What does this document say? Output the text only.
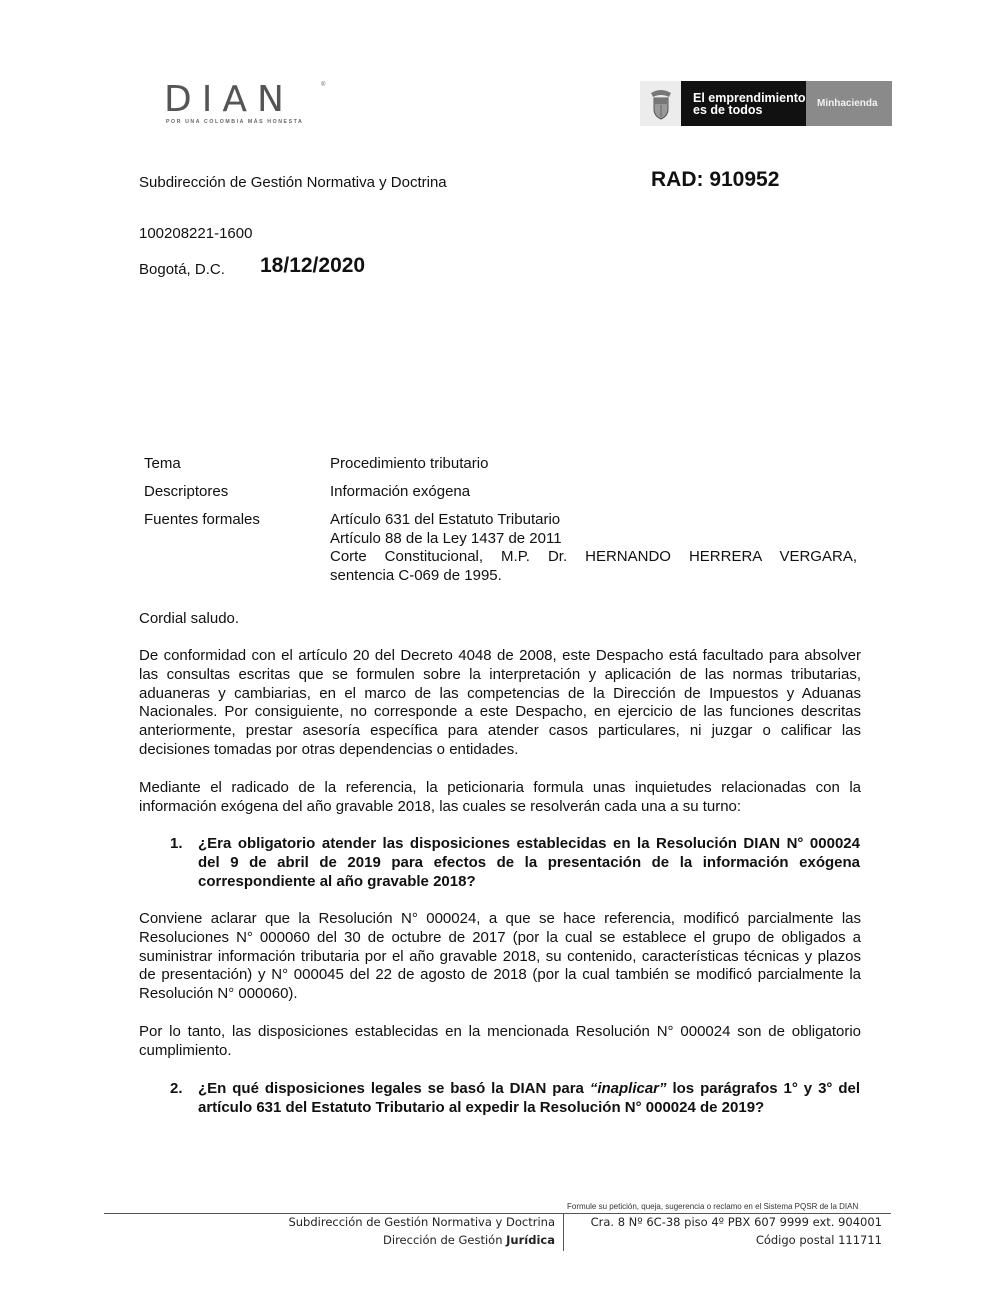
DIAN	®
POR UNA COLOMBIA MÁS HONESTA
El emprendimiento
es de todos	Minhacienda
Subdirección de Gestión Normativa y Doctrina	RAD: 910952
100208221-1600
Bogotá, D.C. 18/12/2020
Tema	Procedimiento tributario
Descriptores	Información exógena
Fuentes formales	Artículo 631 del Estatuto Tributario
Artículo 88 de la Ley 1437 de 2011
Corte Constitucional, M.P. Dr. HERNANDO HERRERA VERGARA,
sentencia C-069 de 1995.
Cordial saludo.
De conformidad con el artículo 20 del Decreto 4048 de 2008, este Despacho está facultado para absolver las consultas escritas que se formulen sobre la interpretación y aplicación de las normas tributarias, aduaneras y cambiarias, en el marco de las competencias de la Dirección de Impuestos y Aduanas Nacionales. Por consiguiente, no corresponde a este Despacho, en ejercicio de las funciones descritas anteriormente, prestar asesoría específica para atender casos particulares, ni juzgar o calificar las decisiones tomadas por otras dependencias o entidades.
Mediante el radicado de la referencia, la peticionaria formula unas inquietudes relacionadas con la información exógena del año gravable 2018, las cuales se resolverán cada una a su turno:
1. ¿Era obligatorio atender las disposiciones establecidas en la Resolución DIAN N° 000024 del 9 de abril de 2019 para efectos de la presentación de la información exógena correspondiente al año gravable 2018?
Conviene aclarar que la Resolución N° 000024, a que se hace referencia, modificó parcialmente las Resoluciones N° 000060 del 30 de octubre de 2017 (por la cual se establece el grupo de obligados a suministrar información tributaria por el año gravable 2018, su contenido, características técnicas y plazos de presentación) y N° 000045 del 22 de agosto de 2018 (por la cual también se modificó parcialmente la Resolución N° 000060).
Por lo tanto, las disposiciones establecidas en la mencionada Resolución N° 000024 son de obligatorio cumplimiento.
2. ¿En qué disposiciones legales se basó la DIAN para “inaplicar” los parágrafos 1° y 3° del artículo 631 del Estatuto Tributario al expedir la Resolución N° 000024 de 2019?
Formule su petición, queja, sugerencia o reclamo en el Sistema PQSR de la DIAN
Subdirección de Gestión Normativa y Doctrina
Dirección de Gestión Jurídica
Cra. 8 Nº 6C-38 piso 4º PBX 607 9999 ext. 904001
Código postal 111711
